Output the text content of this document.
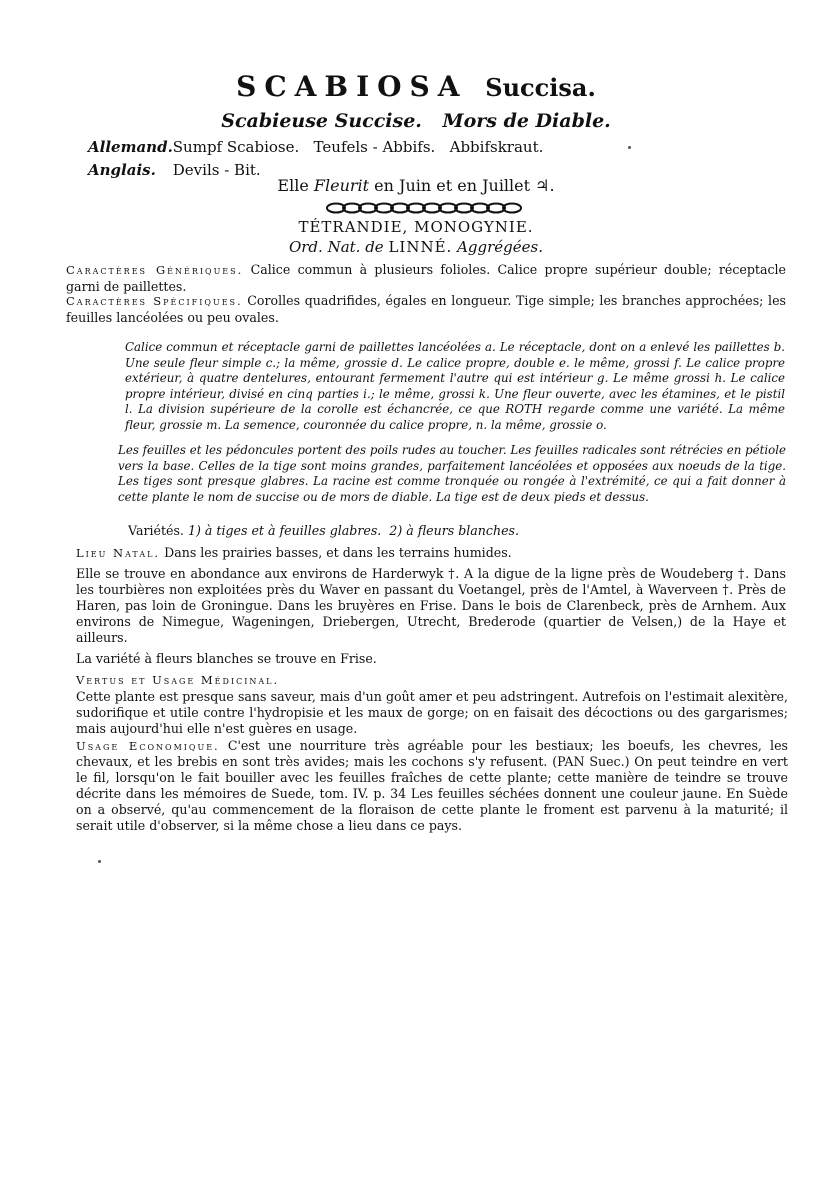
SCABIOSA Succisa.
Scabieuse Succise. Mors de Diable.
Allemand. Sumpf Scabiose.   Teufels - Abbifs.   Abbifskraut.
Anglais. Devils - Bit.
Elle Fleurit en Juin et en Juillet ♃.
TÉTRANDIE, MONOGYNIE.
Ord. Nat. de LINNÉ. Aggrégées.
Caractères Génériques. Calice commun à plusieurs folioles. Calice propre supérieur double; réceptacle garni de paillettes.
Caractères Spécifiques. Corolles quadrifides, égales en longueur. Tige simple; les branches approchées; les feuilles lancéolées ou peu ovales.
Calice commun et réceptacle garni de paillettes lancéolées a. Le réceptacle, dont on a enlevé les paillettes b. Une seule fleur simple c.; la même, grossie d. Le calice propre, double e. le même, grossi f. Le calice propre extérieur, à quatre dentelures, entourant fermement l'autre qui est intérieur g. Le même grossi h. Le calice propre intérieur, divisé en cinq parties i.; le même, grossi k. Une fleur ouverte, avec les étamines, et le pistil l. La division supérieure de la corolle est échancrée, ce que ROTH regarde comme une variété. La même fleur, grossie m. La semence, couronnée du calice propre, n. la même, grossie o.
Les feuilles et les pédoncules portent des poils rudes au toucher. Les feuilles radicales sont rétrécies en pétiole vers la base. Celles de la tige sont moins grandes, parfaitement lancéolées et opposées aux noeuds de la tige. Les tiges sont presque glabres. La racine est comme tronquée ou rongée à l'extrémité, ce qui a fait donner à cette plante le nom de succise ou de mors de diable. La tige est de deux pieds et dessus.
Variétés. 1) à tiges et à feuilles glabres.  2) à fleurs blanches.
Lieu Natal. Dans les prairies basses, et dans les terrains humides.
Elle se trouve en abondance aux environs de Harderwyk †. A la digue de la ligne près de Woudeberg †. Dans les tourbières non exploitées près du Waver en passant du Voetangel, près de l'Amtel, à Waverveen †. Près de Haren, pas loin de Groningue. Dans les bruyères en Frise. Dans le bois de Clarenbeck, près de Arnhem. Aux environs de Nimegue, Wageningen, Driebergen, Utrecht, Brederode (quartier de Velsen,) de la Haye et ailleurs.
La variété à fleurs blanches se trouve en Frise.
Vertus et Usage Médicinal.
Cette plante est presque sans saveur, mais d'un goût amer et peu adstringent. Autrefois on l'estimait alexitère, sudorifique et utile contre l'hydropisie et les maux de gorge; on en faisait des décoctions ou des gargarismes; mais aujourd'hui elle n'est guères en usage.
Usage Economique. C'est une nourriture très agréable pour les bestiaux; les boeufs, les chevres, les chevaux, et les brebis en sont très avides; mais les cochons s'y refusent. (PAN Suec.) On peut teindre en vert le fil, lorsqu'on le fait bouiller avec les feuilles fraîches de cette plante; cette manière de teindre se trouve décrite dans les mémoires de Suede, tom. IV. p. 34 Les feuilles séchées donnent une couleur jaune. En Suède on a observé, qu'au commencement de la floraison de cette plante le froment est parvenu à la maturité; il serait utile d'observer, si la même chose a lieu dans ce pays.
